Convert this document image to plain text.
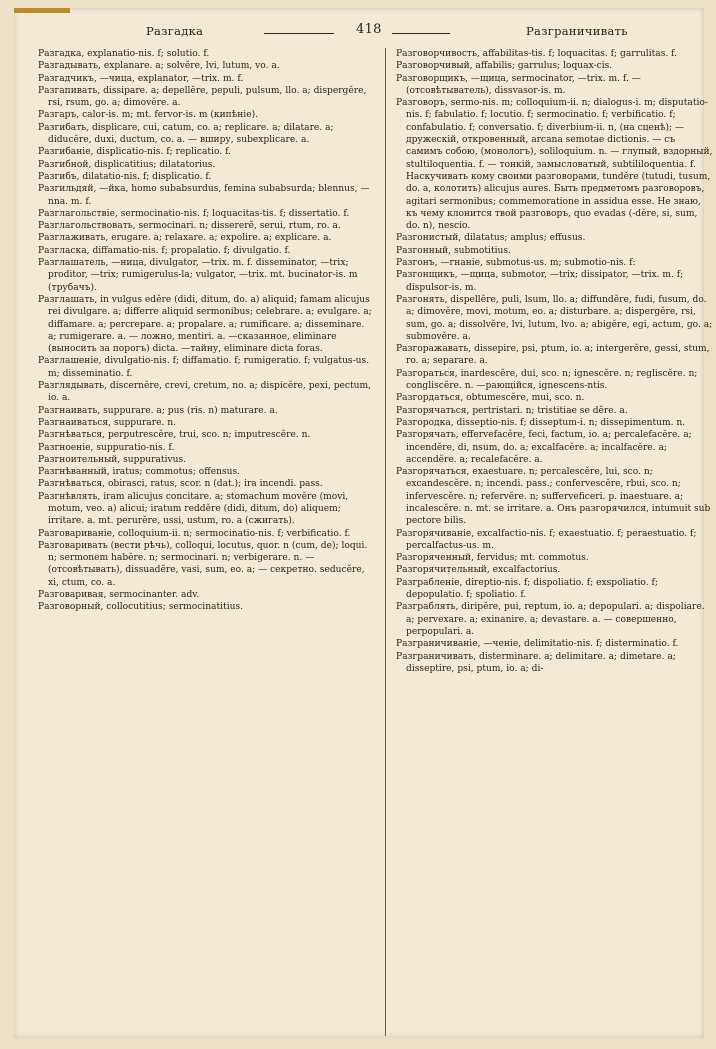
Разгадка	418	Разграничивать

Разгадка, explanatio-nis. f; solutio. f.

Разгадывать, explanare. a; solvĕre, lvi, lutum, vo. a.

Разгадчикъ, —чица, explanator, —trix. m. f.

Разгапивать, dissipare. a; depellĕre, pepuli, pulsum, llo. a; dispergĕre, rsi, rsum, go. a; dimovĕre. a.

Разгаръ, calor-is. m; mt. fervor-is. m (кипѣніе).

Разгибать, displicare, cui, catum, co. a; replicare. a; dilatare. a; diducĕre, duxi, ductum, co. a. — вширу, subexplicare. a.

Разгибаніе, displicatio-nis. f; replicatio. f.

Разгибной, displicatitius; dilatatorius.

Разгибъ, dilatatio-nis. f; displicatio. f.

Разгильдяй, —йка, homo subabsurdus, femina subabsurda; blennus, —nna. m. f.

Разглагольствіе, sermocinatio-nis. f; loquacitas-tis. f; dissertatio. f.

Разглагольствовать, sermocinari. n; dissererĕ, serui, rtum, ro. a.

Разглаживать, erugare. a; relaxare. a; expolire. a; explicare. a.

Разгласка, diffamatio-nis. f; propalatio. f; divulgatio. f.

Разглашатель, —ница, divulgator, —trix. m. f. disseminator, —trix; proditor, —trix; rumigerulus-la; vulgator, —trix. mt. bucinator-is. m (трубачъ).

Разглашать, in vulgus edĕre (didi, ditum, do. a) aliquid; famam alicujus rei divulgare. a; differre aliquid sermonibus; celebrare. a; evulgare. a; diffamare. a; percrepare. a; propalare. a; rumificare. a; disseminare. a; rumigerare. a. — ложно, mentiri. a. —сказанное, eliminare (выносить за порогъ) dicta. —тайну, eliminare dicta foras.

Разглашеніе, divulgatio-nis. f; diffamatio. f; rumigeratio. f; vulgatus-us. m; disseminatio. f.

Разглядывать, discernĕre, crevi, cretum, no. a; dispicĕre, pexi, pectum, io. a.

Разгнаивать, suppurare. a; pus (ris. n) maturare. a.

Разгнаиваться, suppurare. n.

Разгнѣваться, perputrescĕre, trui, sco. n; imputrescĕre. n.

Разгноеніе, suppuratio-nis. f.

Разгноительный, suppurativus.

Разгнѣванный, iratus; commotus; offensus.

Разгнѣваться, obirasci, ratus, scor. n (dat.); ira incendi. pass.

Разгнѣвлять, iram alicujus concitare. a; stomachum movĕre (movi, motum, veo. a) alicui; iratum reddĕre (didi, ditum, do) aliquem; irritare. a. mt. perurĕre, ussi, ustum, ro. a (сжигать).

Разговариваніе, colloquium-ii. n; sermocinatio-nis. f; verbificatio. f.

Разговаривать (вести рѣчь), colloqui, locutus, quor. n (cum, de); loqui. n; sermonem habĕre. n; sermocinari. n; verbigerare. n. — (отсовѣтывать), dissuadĕre, vasi, sum, eo. a; — секретно. seducĕre, xi, ctum, co. a.

Разговаривая, sermocinanter. adv.

Разговорный, collocutitius; sermocinatitius.

Разговорчивость, affabilitas-tis. f; loquacitas. f; garrulitas. f.

Разговорчивый, affabilis; garrulus; loquax-cis.

Разговорщикъ, —щица, sermocinator, —trix. m. f. — (отсовѣтыватель), dissvasor-is. m.

Разговоръ, sermo-nis. m; colloquium-ii. n; dialogus-i. m; disputatio-nis. f; fabulatio. f; locutio. f; sermocinatio. f; verbificatio. f; confabulatio. f; conversatio. f; diverbium-ii. n, (на сценѣ); — дружескій, откровенный, arcana semotae dictionis. — съ самимъ собою, (монологъ), soliloquium. n. — глупый, вздорный, stultiloquentia. f. — тонкій, замысловатый, subtililoquentia. f. Наскучивать кому своими разговорами, tundĕre (tutudi, tusum, do. a, колотить) alicujus aures. Быть предметомъ разговоровъ, agitari sermonibus; commemoratione in assidua esse. Не знаю, къ чему клонится твой разговоръ, quo evadas (-dĕre, si, sum, do. n), nescio.

Разгонистый, dilatatus; amplus; effusus.

Разгонный, submotitius.

Разгонъ, —гнаніе, submotus-us. m; submotio-nis. f:

Разгонщикъ, —щица, submotor, —trix; dissipator, —trix. m. f; dispulsor-is. m.

Разгонять, dispellĕre, puli, lsum, llo. a; diffundĕre, fudi, fusum, do. a; dimovĕre, movi, motum, eo. a; disturbare. a; dispergĕre, rsi, sum, go. a; dissolvĕre, lvi, lutum, lvo. a; abigĕre, egi, actum, go. a; submovĕre. a.

Разгоражавать, dissepire, psi, ptum, io. a; intergerĕre, gessi, stum, ro. a; separare. a.

Разгораться, inardescĕre, dui, sco. n; ignescĕre. n; regliscĕre. n; conglisсĕre. n. —рающійся, ignescens-ntis.

Разгордаться, obtumescĕre, mui, sco. n.

Разгорячаться, pertristari. n; tristitiae se dĕre. a.

Разгородка, disseptio-nis. f; disseptum-i. n; dissepimentum. n.

Разгорячать, effervefacĕre, feci, factum, io. a; percalefacĕre. a; incendĕre, di, nsum, do. a; excalfacĕre. a; incalfacĕre. a; accendĕre. a; recalefacĕre. a.

Разгорячаться, exaestuare. n; percalescĕre, lui, sco. n; excandescĕre. n; incendi. pass.; confervescĕre, rbui, sco. n; infervescĕre. n; refervĕre. n; sufferveficeri. p. inaestuare. a; incalescĕre. n. mt. se irritare. a. Онъ разгорячился, intumuit sub pectore bilis.

Разгорячиваніе, excalfactio-nis. f; exaestuatio. f; peraestuatio. f; percalfactus-us. m.

Разгоряченный, fervidus; mt. commotus.

Разгорячительный, excalfactorius.

Разграбленіе, direptio-nis. f; dispoliatio. f; exspoliatio. f; depopulatio. f; spoliatio. f.

Разграблять, diripĕre, pui, reptum, io. a; depopulari. a; dispoliare. a; pervexare. a; exinanire. a; devastare. a. — совершенно, perpopulari. a.

Разграничиваніе, —ченіе, delimitatio-nis. f; disterminatio. f.

Разграничивать, disterminare. a; delimitare. a; dimetare. a; disseptire, psi, ptum, io. a; di-
